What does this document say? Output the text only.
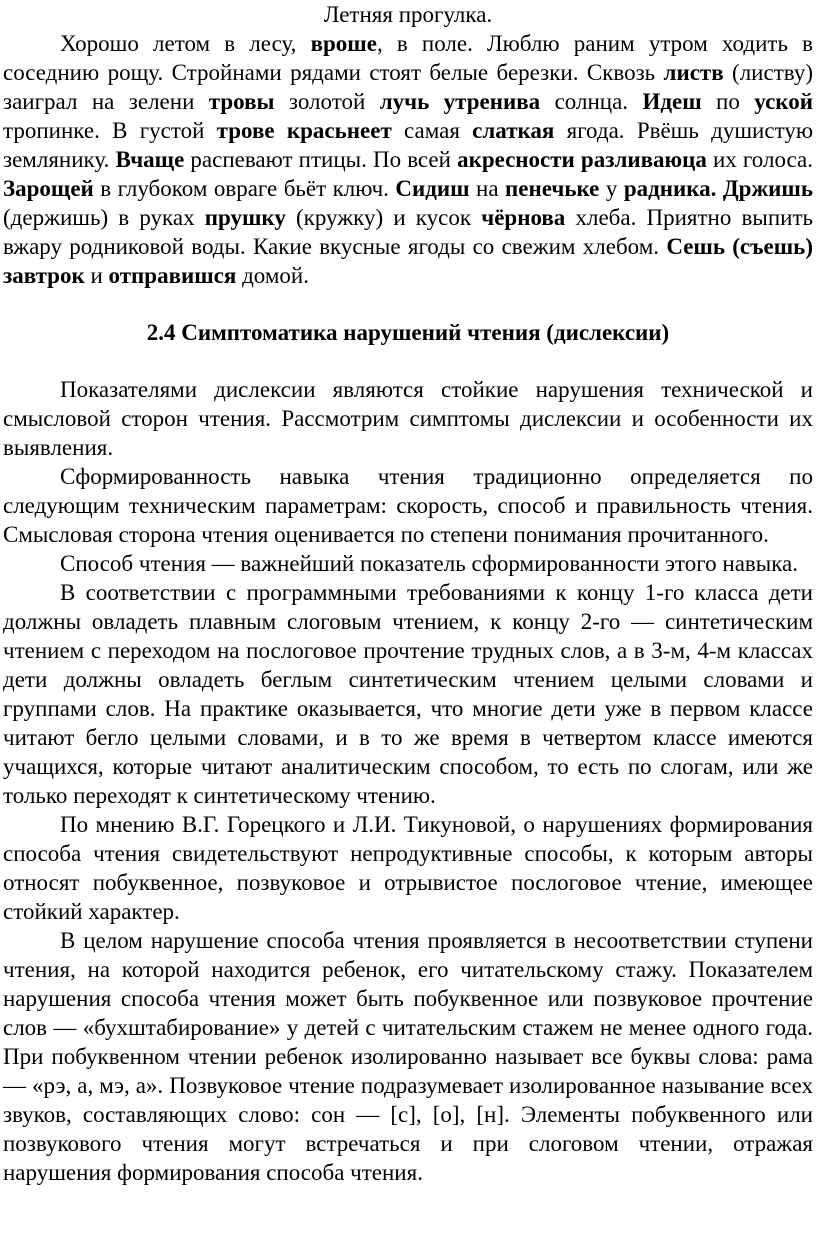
Летняя прогулка.

Хорошо летом в лесу, вроше, в поле. Люблю раним утром ходить в соседнию рощу. Стройнами рядами стоят белые березки. Сквозь листв (листву) заиграл на зелени тровы золотой лучь утренива солнца. Идеш по уской тропинке. В густой трове красьнеет самая слаткая ягода. Рвёшь душистую землянику. Вчаще распевают птицы. По всей акресности разливаюца их голоса. Зарощей в глубоком овраге бьёт ключ. Сидиш на пенечьке у радника. Држишь (держишь) в руках прушку (кружку) и кусок чёрнова хлеба. Приятно выпить вжару родниковой воды. Какие вкусные ягоды со свежим хлебом. Сешь (съешь) завтрок и отправишся домой.

2.4 Симптоматика нарушений чтения (дислексии)

Показателями дислексии являются стойкие нарушения технической и смысловой сторон чтения. Рассмотрим симптомы дислексии и особенности их выявления.

Сформированность навыка чтения традиционно определяется по следующим техническим параметрам: скорость, способ и правильность чтения. Смысловая сторона чтения оценивается по степени понимания прочитанного.

Способ чтения — важнейший показатель сформированности этого навыка.

В соответствии с программными требованиями к концу 1-го класса дети должны овладеть плавным слоговым чтением, к концу 2-го — синтетическим чтением с переходом на послоговое прочтение трудных слов, а в 3-м, 4-м классах дети должны овладеть беглым синтетическим чтением целыми словами и группами слов. На практике оказывается, что многие дети уже в первом классе читают бегло целыми словами, и в то же время в четвертом классе имеются учащихся, которые читают аналитическим способом, то есть по слогам, или же только переходят к синтетическому чтению.

По мнению В.Г. Горецкого и Л.И. Тикуновой, о нарушениях формирования способа чтения свидетельствуют непродуктивные способы, к которым авторы относят побуквенное, позвуковое и отрывистое послоговое чтение, имеющее стойкий характер.

В целом нарушение способа чтения проявляется в несоответствии ступени чтения, на которой находится ребенок, его читательскому стажу. Показателем нарушения способа чтения может быть побуквенное или позвуковое прочтение слов — «бухштабирование» у детей с читательским стажем не менее одного года. При побуквенном чтении ребенок изолированно называет все буквы слова: рама— «рэ, а, мэ, а». Позвуковое чтение подразумевает изолированное называние всех звуков, составляющих слово: сон — [с], [о], [н]. Элементы побуквенного или позвукового чтения могут встречаться и при слоговом чтении, отражая нарушения формирования способа чтения.
